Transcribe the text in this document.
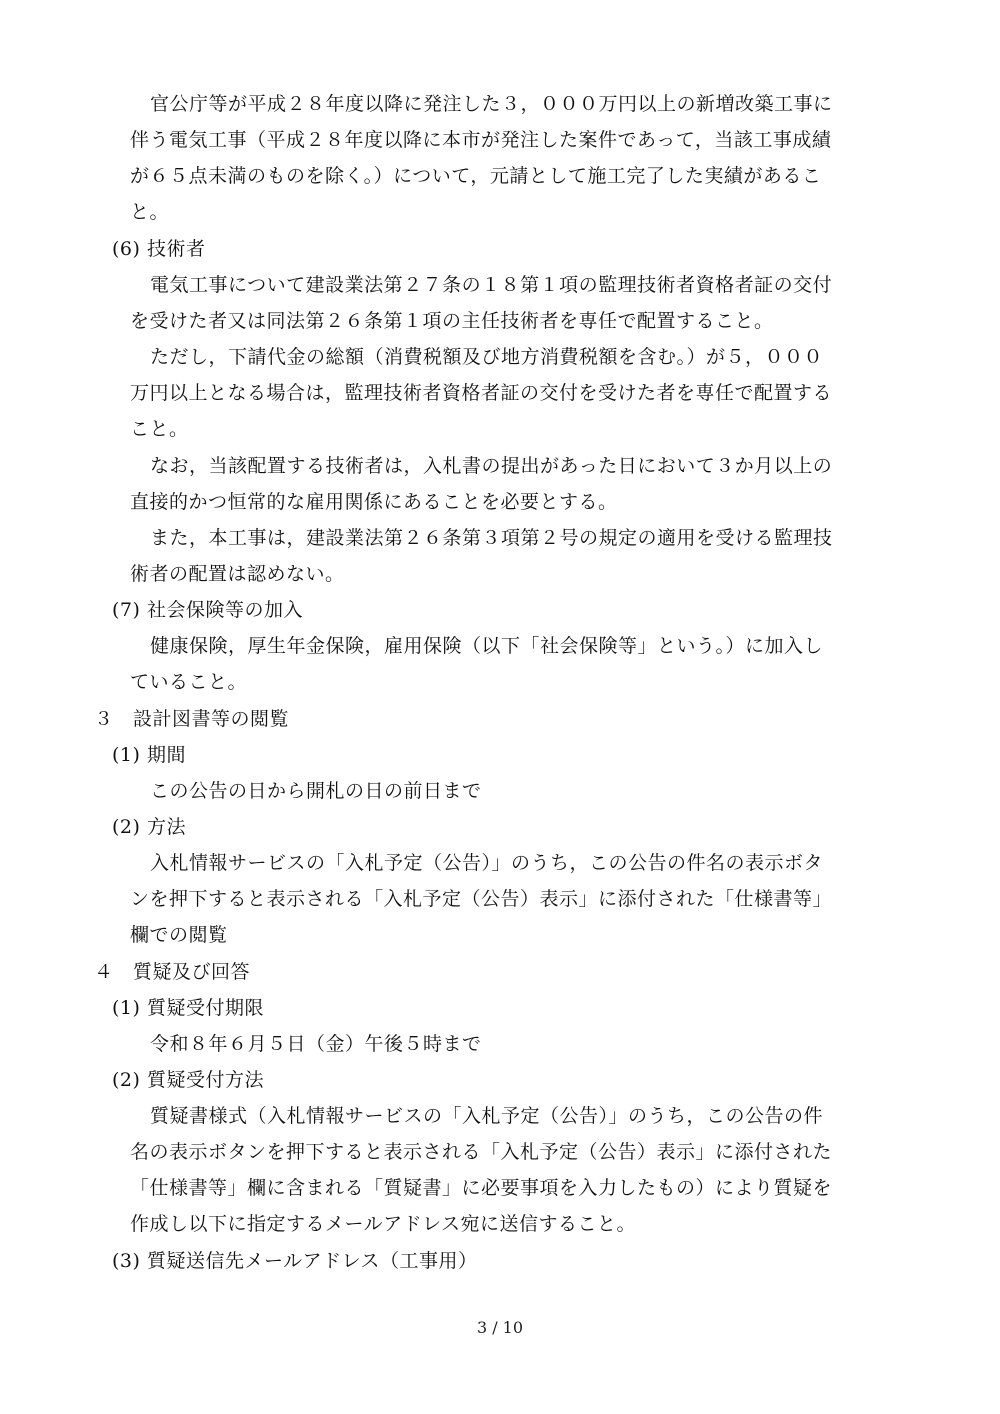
官公庁等が平成２８年度以降に発注した３，０００万円以上の新増改築工事に
伴う電気工事（平成２８年度以降に本市が発注した案件であって，当該工事成績
が６５点未満のものを除く。）について，元請として施工完了した実績があるこ
と。
(6) 技術者
電気工事について建設業法第２７条の１８第１項の監理技術者資格者証の交付
を受けた者又は同法第２６条第１項の主任技術者を専任で配置すること。
ただし，下請代金の総額（消費税額及び地方消費税額を含む。）が５，０００
万円以上となる場合は，監理技術者資格者証の交付を受けた者を専任で配置する
こと。
なお，当該配置する技術者は，入札書の提出があった日において３か月以上の
直接的かつ恒常的な雇用関係にあることを必要とする。
また，本工事は，建設業法第２６条第３項第２号の規定の適用を受ける監理技
術者の配置は認めない。
(7) 社会保険等の加入
健康保険，厚生年金保険，雇用保険（以下「社会保険等」という。）に加入し
ていること。
３　設計図書等の閲覧
(1) 期間
この公告の日から開札の日の前日まで
(2) 方法
入札情報サービスの「入札予定（公告）」のうち，この公告の件名の表示ボタ
ンを押下すると表示される「入札予定（公告）表示」に添付された「仕様書等」
欄での閲覧
４　質疑及び回答
(1) 質疑受付期限
令和８年６月５日（金）午後５時まで
(2) 質疑受付方法
質疑書様式（入札情報サービスの「入札予定（公告）」のうち，この公告の件
名の表示ボタンを押下すると表示される「入札予定（公告）表示」に添付された
「仕様書等」欄に含まれる「質疑書」に必要事項を入力したもの）により質疑を
作成し以下に指定するメールアドレス宛に送信すること。
(3) 質疑送信先メールアドレス（工事用）
3 / 10
